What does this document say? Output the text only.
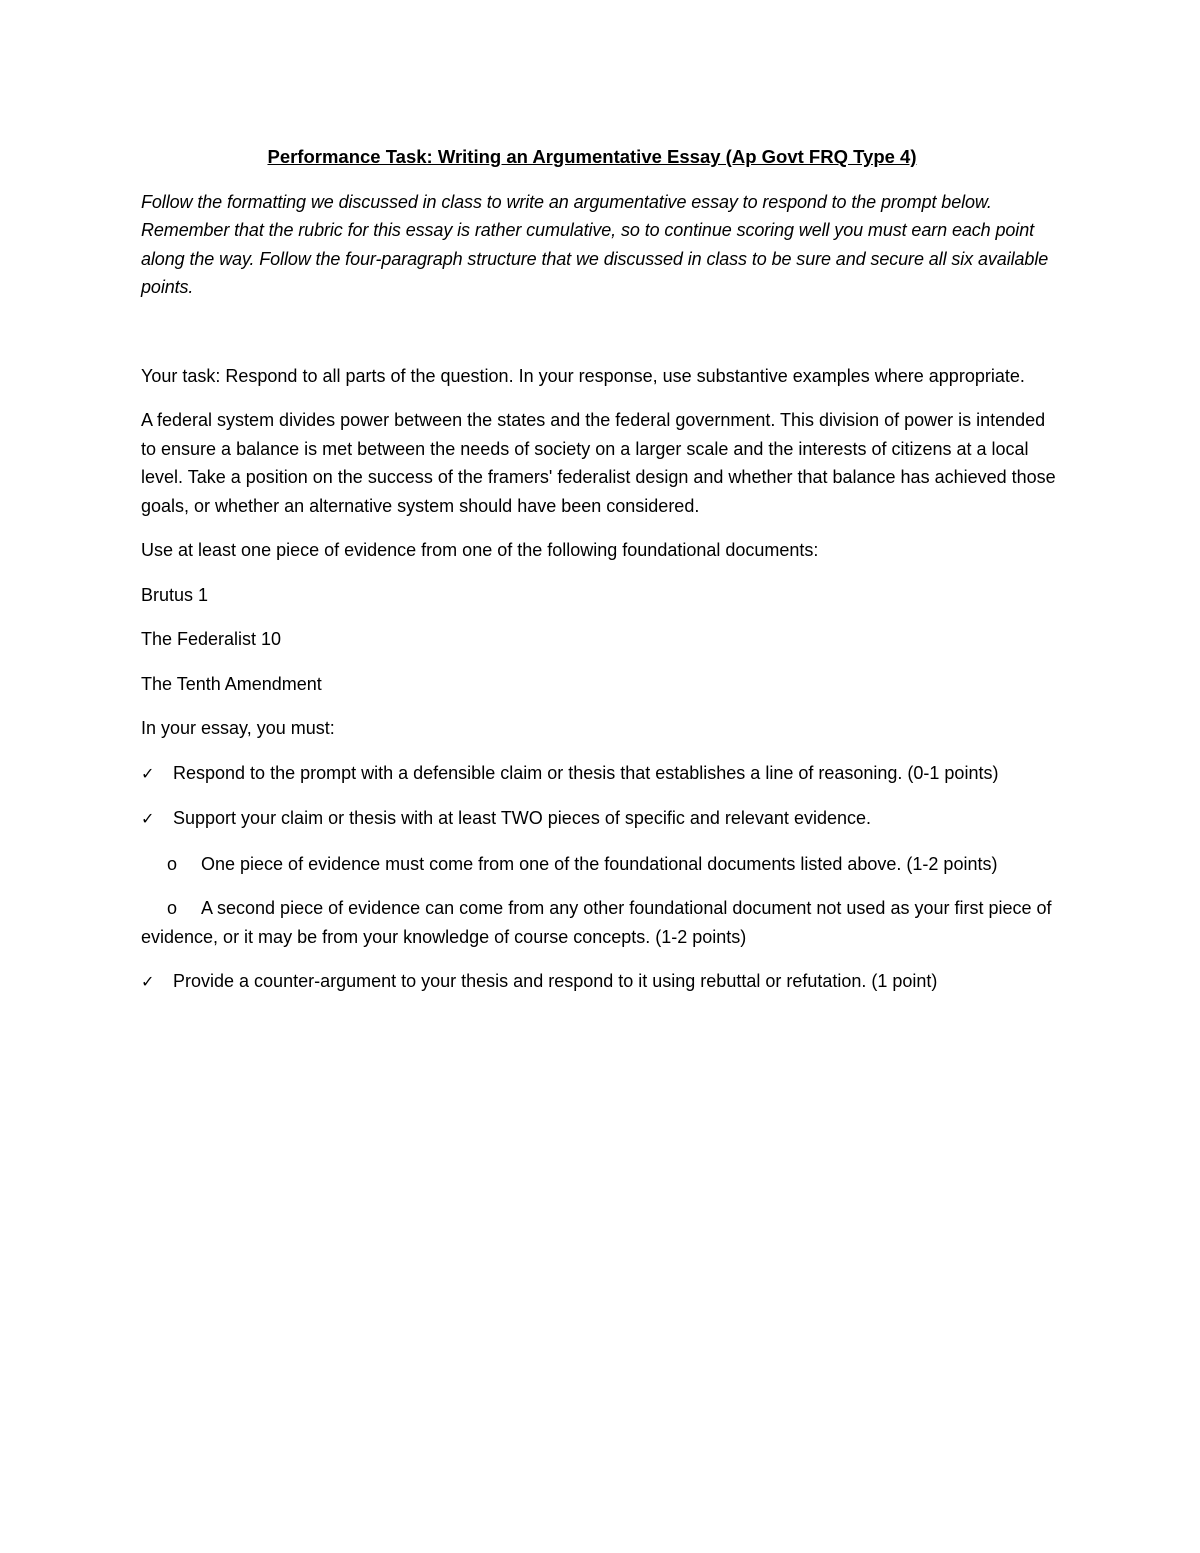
Performance Task: Writing an Argumentative Essay (Ap Govt FRQ Type 4)

Follow the formatting we discussed in class to write an argumentative essay to respond to the prompt below. Remember that the rubric for this essay is rather cumulative, so to continue scoring well you must earn each point along the way. Follow the four-paragraph structure that we discussed in class to be sure and secure all six available points.

Your task: Respond to all parts of the question. In your response, use substantive examples where appropriate.

A federal system divides power between the states and the federal government. This division of power is intended to ensure a balance is met between the needs of society on a larger scale and the interests of citizens at a local level. Take a position on the success of the framers' federalist design and whether that balance has achieved those goals, or whether an alternative system should have been considered.

Use at least one piece of evidence from one of the following foundational documents:

Brutus 1

The Federalist 10

The Tenth Amendment

In your essay, you must:

✓ Respond to the prompt with a defensible claim or thesis that establishes a line of reasoning. (0-1 points)
✓ Support your claim or thesis with at least TWO pieces of specific and relevant evidence.
o One piece of evidence must come from one of the foundational documents listed above. (1-2 points)
o A second piece of evidence can come from any other foundational document not used as your first piece of evidence, or it may be from your knowledge of course concepts. (1-2 points)
✓ Provide a counter-argument to your thesis and respond to it using rebuttal or refutation. (1 point)
